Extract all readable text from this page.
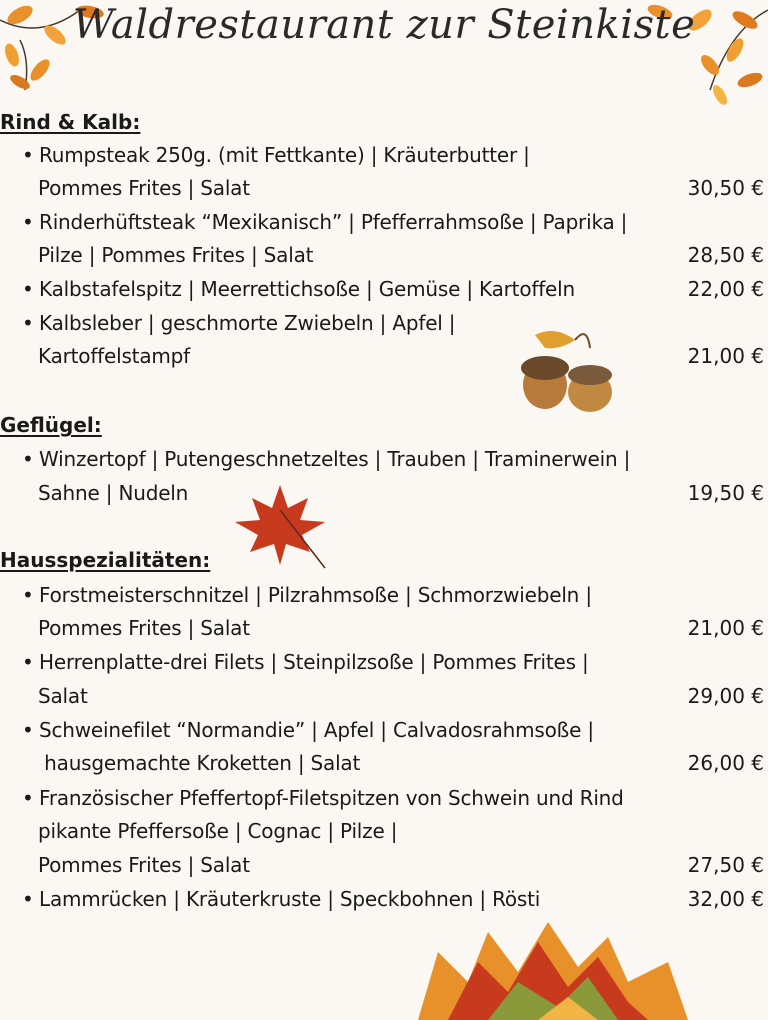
Waldrestaurant zur Steinkiste
Rind & Kalb:
• Rumpsteak 250g. (mit Fettkante) | Kräuterbutter |
Pommes Frites | Salat	30,50 €
• Rinderhüftsteak “Mexikanisch” | Pfefferrahmsoße | Paprika |
Pilze | Pommes Frites | Salat	28,50 €
• Kalbstafelspitz | Meerrettichsoße | Gemüse | Kartoffeln	22,00 €
• Kalbsleber | geschmorte Zwiebeln | Apfel |
Kartoffelstampf	21,00 €
Geflügel:
• Winzertopf | Putengeschnetzeltes | Trauben | Traminerwein |
Sahne | Nudeln	19,50 €
Hausspezialitäten:
• Forstmeisterschnitzel | Pilzrahmsoße | Schmorzwiebeln |
Pommes Frites | Salat	21,00 €
• Herrenplatte-drei Filets | Steinpilzsoße | Pommes Frites |
Salat	29,00 €
• Schweinefilet “Normandie” | Apfel | Calvadosrahmsoße |
hausgemachte Kroketten | Salat	26,00 €
• Französischer Pfeffertopf-Filetspitzen von Schwein und Rind
pikante Pfeffersoße | Cognac | Pilze |
Pommes Frites | Salat	27,50 €
• Lammrücken | Kräuterkruste | Speckbohnen | Rösti	32,00 €
